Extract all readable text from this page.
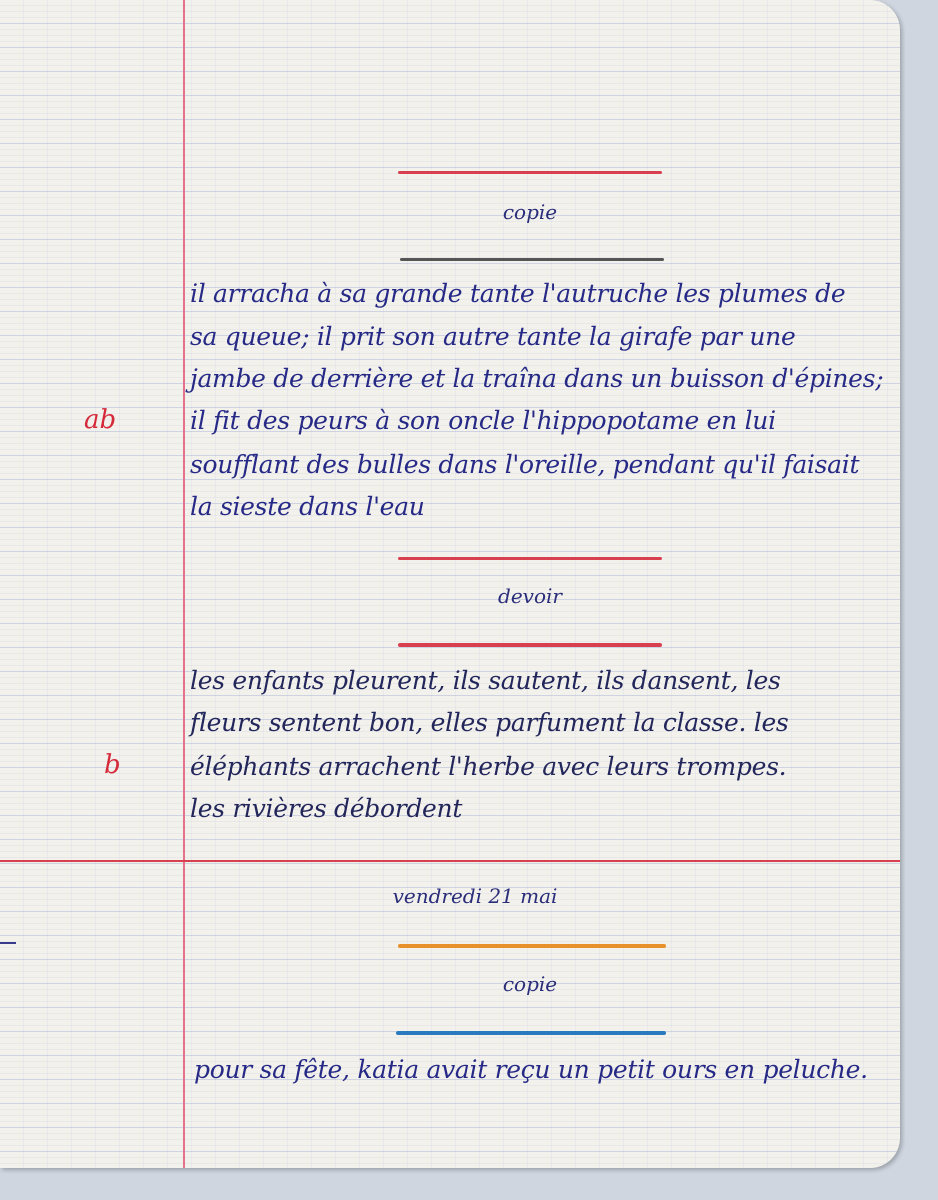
copie
il arracha à sa grande tante l'autruche les plumes de
sa queue; il prit son autre tante la girafe par une
jambe de derrière et la traîna dans un buisson d'épines;
il fit des peurs à son oncle l'hippopotame en lui
soufflant des bulles dans l'oreille, pendant qu'il faisait
la sieste dans l'eau
ab
devoir
les enfants pleurent, ils sautent, ils dansent, les
fleurs sentent bon, elles parfument la classe. les
éléphants arrachent l'herbe avec leurs trompes.
les rivières débordent
b
vendredi 21 mai
copie
pour sa fête, katia avait reçu un petit ours en peluche.
